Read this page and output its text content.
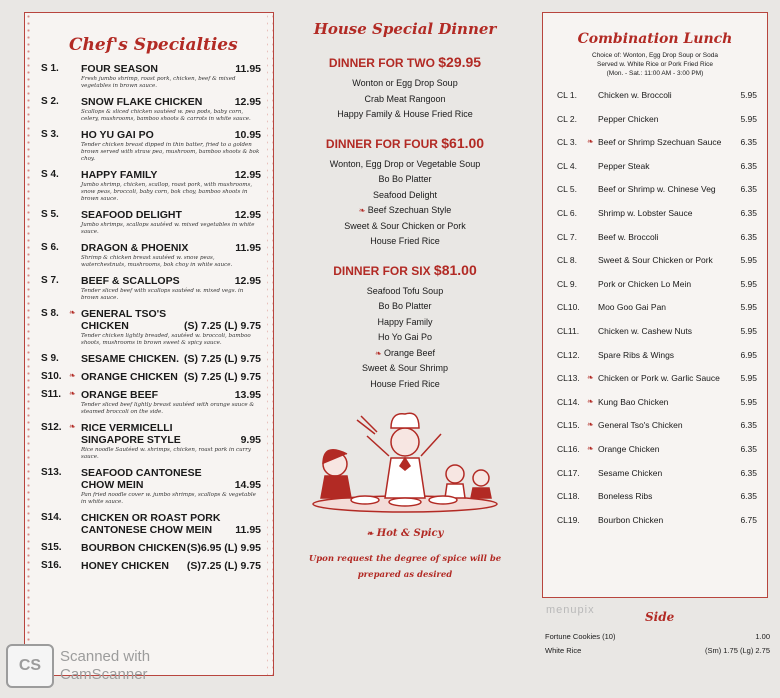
Chef's Specialties
S 1. FOUR SEASON	11.95
Fresh jumbo shrimp, roast pork, chicken, beef & mixed vegetables in brown sauce.
S 2. SNOW FLAKE CHICKEN	12.95
Scallops & sliced chicken sautéed w. pea pods, baby corn, celery, mushrooms, bamboo shoots & carrots in white sauce.
S 3. HO YU GAI PO	10.95
Tender chicken breast dipped in thin batter, fried to a golden brown served with straw pea, mushroom, bamboo shoots & bok choy.
S 4. HAPPY FAMILY	12.95
Jumbo shrimp, chicken, scallop, roast pork, with mushrooms, snow peas, broccoli, baby corn, bok choy, bamboo shoots in brown sauce.
S 5. SEAFOOD DELIGHT	12.95
Jumbo shrimps, scallops sautéed w. mixed vegetables in white sauce.
S 6. DRAGON & PHOENIX	11.95
Shrimp & chicken breast sautéed w. snow peas, waterchestnuts, mushrooms, bok choy in white sauce.
S 7. BEEF & SCALLOPS	12.95
Tender sliced beef with scallops sautéed w. mixed vegs. in brown sauce.
S 8. ❧ GENERAL TSO'S
CHICKEN	(S) 7.25 (L) 9.75
Tender chicken lightly breaded, sautéed w. broccoli, bamboo shoots, mushrooms in brown sweet & spicy sauce.
S 9. SESAME CHICKEN. (S) 7.25 (L) 9.75
S10. ❧ ORANGE CHICKEN (S) 7.25 (L) 9.75
S11. ❧ ORANGE BEEF	13.95
Tender sliced beef lightly breast sautéed with orange sauce & steamed broccoli on the side.
S12. ❧ RICE VERMICELLI
SINGAPORE STYLE	9.95
Rice noodle Sautéed w. shrimps, chicken, roast pork in curry sauce.
S13. SEAFOOD CANTONESE
CHOW MEIN	14.95
Pan fried noodle cover w. jumbo shrimps, scallops & vegetable in white sauce.
S14. CHICKEN OR ROAST PORK
CANTONESE CHOW MEIN	11.95
S15. BOURBON CHICKEN (S)6.95 (L) 9.95
S16. HONEY CHICKEN (S)7.25 (L) 9.75
House Special Dinner
DINNER FOR TWO $29.95
Wonton or Egg Drop Soup
Crab Meat Rangoon
Happy Family & House Fried Rice
DINNER FOR FOUR $61.00
Wonton, Egg Drop or Vegetable Soup
Bo Bo Platter
Seafood Delight
❧ Beef Szechuan Style
Sweet & Sour Chicken or Pork
House Fried Rice
DINNER FOR SIX $81.00
Seafood Tofu Soup
Bo Bo Platter
Happy Family
Ho Yo Gai Po
❧ Orange Beef
Sweet & Sour Shrimp
House Fried Rice
❧ Hot & Spicy
Upon request the degree of spice will be
prepared as desired
Combination Lunch
Choice of: Wonton, Egg Drop Soup or Soda
Served w. White Rice or Pork Fried Rice
(Mon. - Sat.: 11:00 AM - 3:00 PM)
CL 1. Chicken w. Broccoli	5.95
CL 2. Pepper Chicken	5.95
CL 3. ❧ Beef or Shrimp Szechuan Sauce 6.35
CL 4. Pepper Steak	6.35
CL 5. Beef or Shrimp w. Chinese Veg	6.35
CL 6. Shrimp w. Lobster Sauce	6.35
CL 7. Beef w. Broccoli	6.35
CL 8. Sweet & Sour Chicken or Pork	5.95
CL 9. Pork or Chicken Lo Mein	5.95
CL10. Moo Goo Gai Pan	5.95
CL11. Chicken w. Cashew Nuts	5.95
CL12. Spare Ribs & Wings	6.95
CL13. ❧ Chicken or Pork w. Garlic Sauce 5.95
CL14. ❧ Kung Bao Chicken	5.95
CL15. ❧ General Tso's Chicken	6.35
CL16. ❧ Orange Chicken	6.35
CL17. Sesame Chicken	6.35
CL18. Boneless Ribs	6.35
CL19. Bourbon Chicken	6.75
menupix	Side
Fortune Cookies (10)	1.00
White Rice	(Sm) 1.75 (Lg) 2.75
CS
Scanned with
CamScanner
